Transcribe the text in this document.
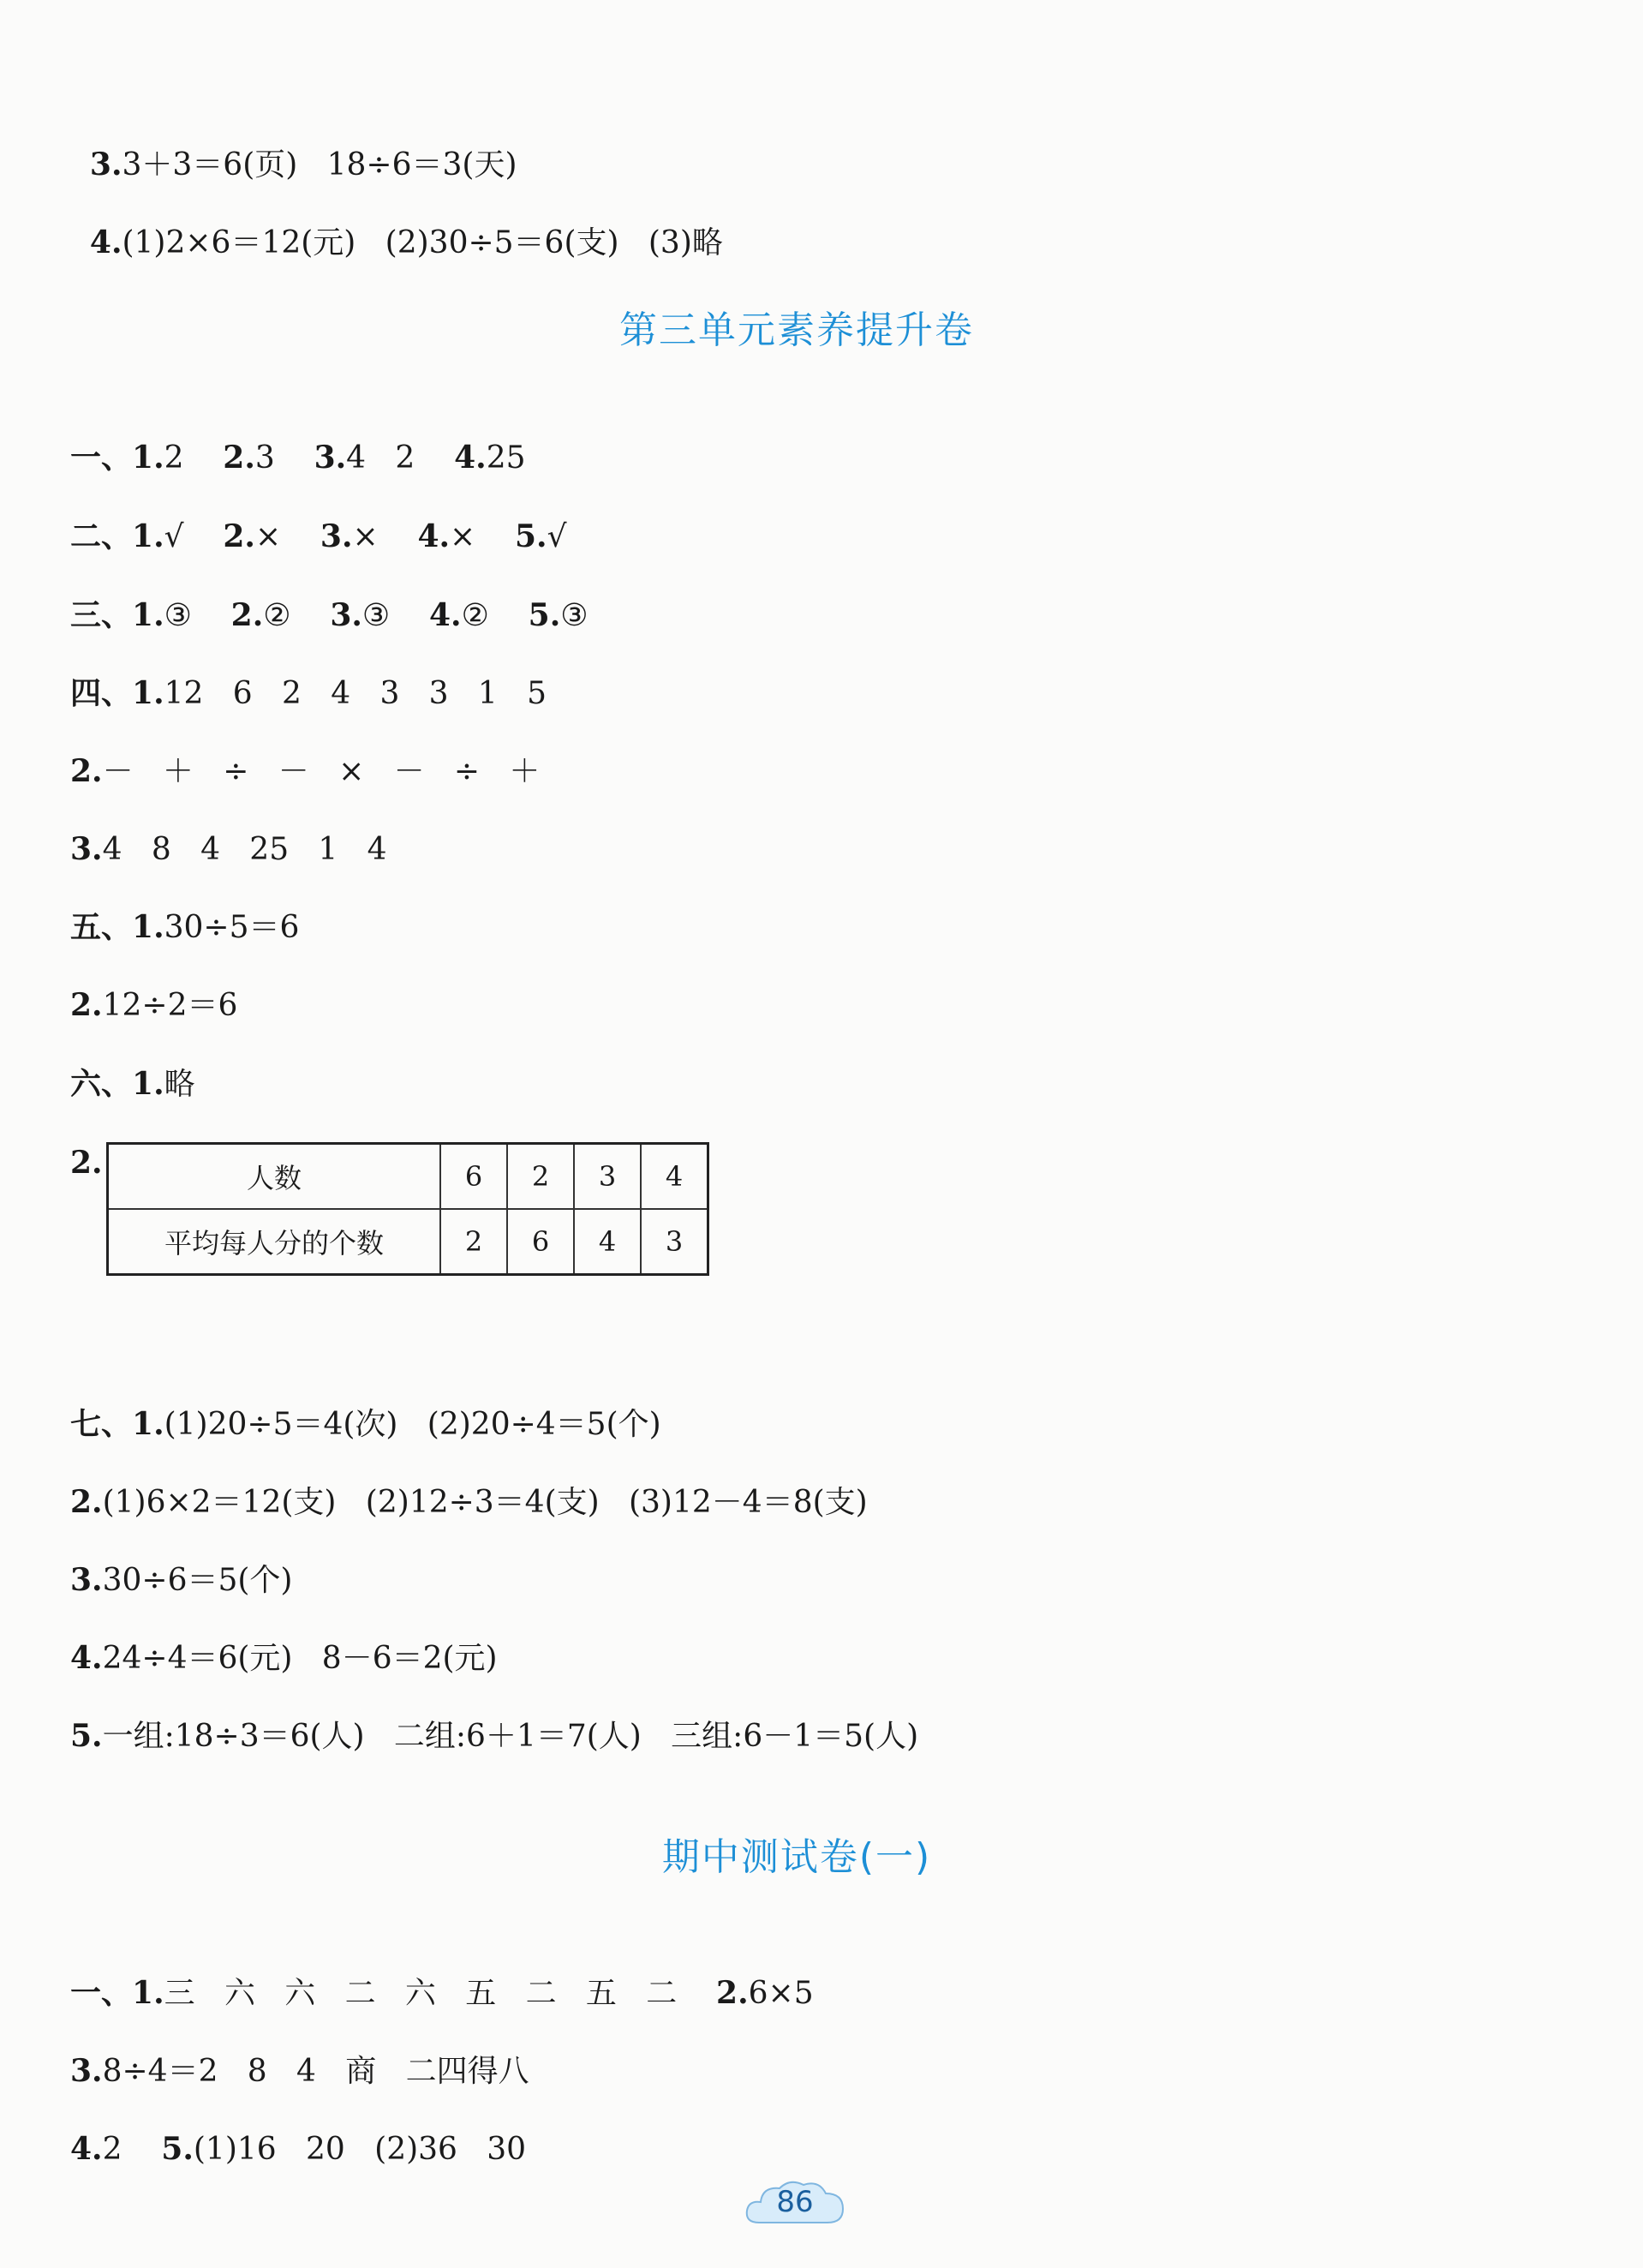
3.3＋3＝6(页)   18÷6＝3(天)

4.(1)2×6＝12(元)   (2)30÷5＝6(支)   (3)略

第三单元素养提升卷
一、1.2 2.3 3.4   2 4.25
二、1.√ 2.× 3.× 4.× 5.√
三、1.③ 2.② 3.③ 4.② 5.③
四、1.12   6   2   4   3   3   1   5
2.－   ＋   ÷   －   ×   －   ÷   ＋
3.4   8   4   25   1   4
五、1.30÷5＝6
2.12÷2＝6
六、1.略
2.	人数	6	2	3	4
平均每人分的个数	2	6	4	3
七、1.(1)20÷5＝4(次)   (2)20÷4＝5(个)
2.(1)6×2＝12(支)   (2)12÷3＝4(支)   (3)12－4＝8(支)
3.30÷6＝5(个)
4.24÷4＝6(元)   8－6＝2(元)
5.一组:18÷3＝6(人)   二组:6＋1＝7(人)   三组:6－1＝5(人)
期中测试卷(一)
一、1.三   六   六   二   六   五   二   五   二 2.6×5
3.8÷4＝2   8   4   商   二四得八
4.2 5.(1)16   20   (2)36   30
86
